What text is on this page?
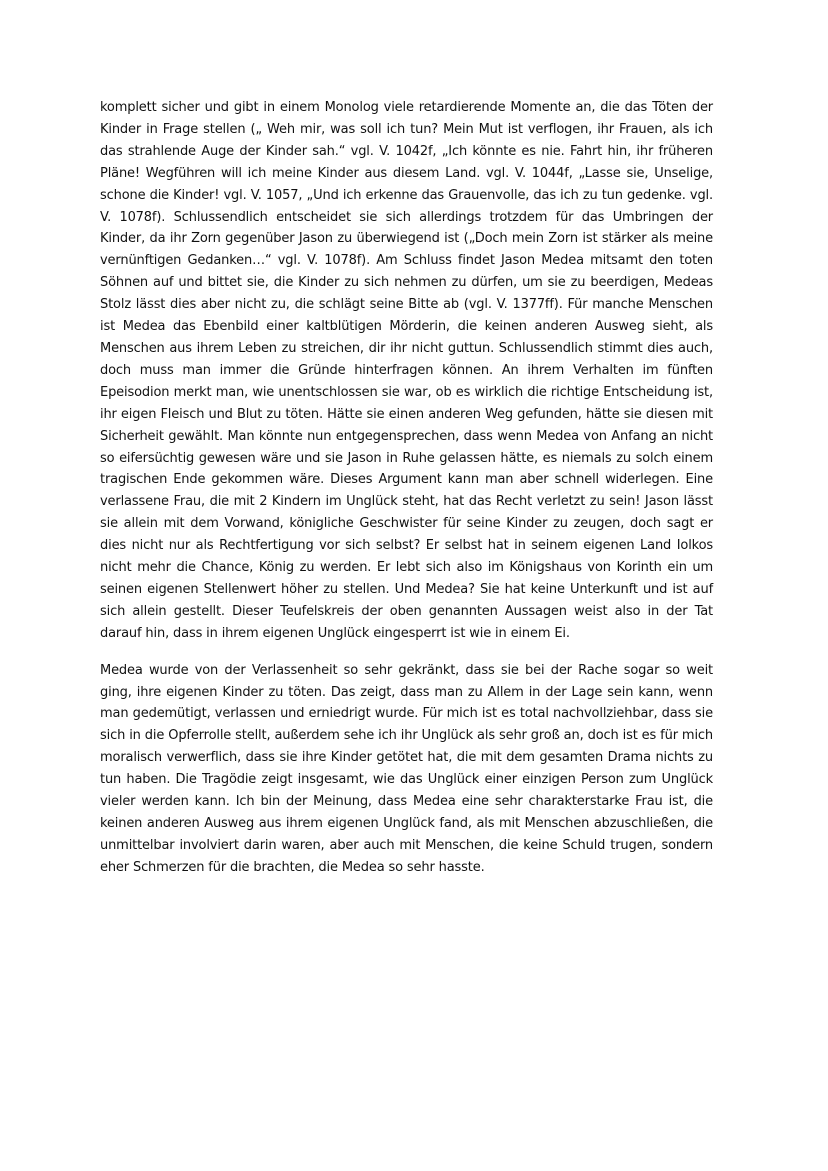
komplett sicher und gibt in einem Monolog viele retardierende Momente an, die das Töten der Kinder in Frage stellen („ Weh mir, was soll ich tun? Mein Mut ist verflogen, ihr Frauen, als ich das strahlende Auge der Kinder sah.“ vgl. V. 1042f, „Ich könnte es nie. Fahrt hin, ihr früheren Pläne! Wegführen will ich meine Kinder aus diesem Land. vgl. V. 1044f, „Lasse sie, Unselige, schone die Kinder! vgl. V. 1057, „Und ich erkenne das Grauenvolle, das ich zu tun gedenke. vgl. V. 1078f). Schlussendlich entscheidet sie sich allerdings trotzdem für das Umbringen der Kinder, da ihr Zorn gegenüber Jason zu überwiegend ist („Doch mein Zorn ist stärker als meine vernünftigen Gedanken…“ vgl. V. 1078f). Am Schluss findet Jason Medea mitsamt den toten Söhnen auf und bittet sie, die Kinder zu sich nehmen zu dürfen, um sie zu beerdigen, Medeas Stolz lässt dies aber nicht zu, die schlägt seine Bitte ab (vgl. V. 1377ff). Für manche Menschen ist Medea das Ebenbild einer kaltblütigen Mörderin, die keinen anderen Ausweg sieht, als Menschen aus ihrem Leben zu streichen, dir ihr nicht guttun. Schlussendlich stimmt dies auch, doch muss man immer die Gründe hinterfragen können. An ihrem Verhalten im fünften Epeisodion merkt man, wie unentschlossen sie war, ob es wirklich die richtige Entscheidung ist, ihr eigen Fleisch und Blut zu töten. Hätte sie einen anderen Weg gefunden, hätte sie diesen mit Sicherheit gewählt. Man könnte nun entgegensprechen, dass wenn Medea von Anfang an nicht so eifersüchtig gewesen wäre und sie Jason in Ruhe gelassen hätte, es niemals zu solch einem tragischen Ende gekommen wäre. Dieses Argument kann man aber schnell widerlegen. Eine verlassene Frau, die mit 2 Kindern im Unglück steht, hat das Recht verletzt zu sein! Jason lässt sie allein mit dem Vorwand, königliche Geschwister für seine Kinder zu zeugen, doch sagt er dies nicht nur als Rechtfertigung vor sich selbst? Er selbst hat in seinem eigenen Land Iolkos nicht mehr die Chance, König zu werden. Er lebt sich also im Königshaus von Korinth ein um seinen eigenen Stellenwert höher zu stellen. Und Medea? Sie hat keine Unterkunft und ist auf sich allein gestellt. Dieser Teufelskreis der oben genannten Aussagen weist also in der Tat darauf hin, dass in ihrem eigenen Unglück eingesperrt ist wie in einem Ei.

Medea wurde von der Verlassenheit so sehr gekränkt, dass sie bei der Rache sogar so weit ging, ihre eigenen Kinder zu töten. Das zeigt, dass man zu Allem in der Lage sein kann, wenn man gedemütigt, verlassen und erniedrigt wurde. Für mich ist es total nachvollziehbar, dass sie sich in die Opferrolle stellt, außerdem sehe ich ihr Unglück als sehr groß an, doch ist es für mich moralisch verwerflich, dass sie ihre Kinder getötet hat, die mit dem gesamten Drama nichts zu tun haben. Die Tragödie zeigt insgesamt, wie das Unglück einer einzigen Person zum Unglück vieler werden kann. Ich bin der Meinung, dass Medea eine sehr charakterstarke Frau ist, die keinen anderen Ausweg aus ihrem eigenen Unglück fand, als mit Menschen abzuschließen, die unmittelbar involviert darin waren, aber auch mit Menschen, die keine Schuld trugen, sondern eher Schmerzen für die brachten, die Medea so sehr hasste.
